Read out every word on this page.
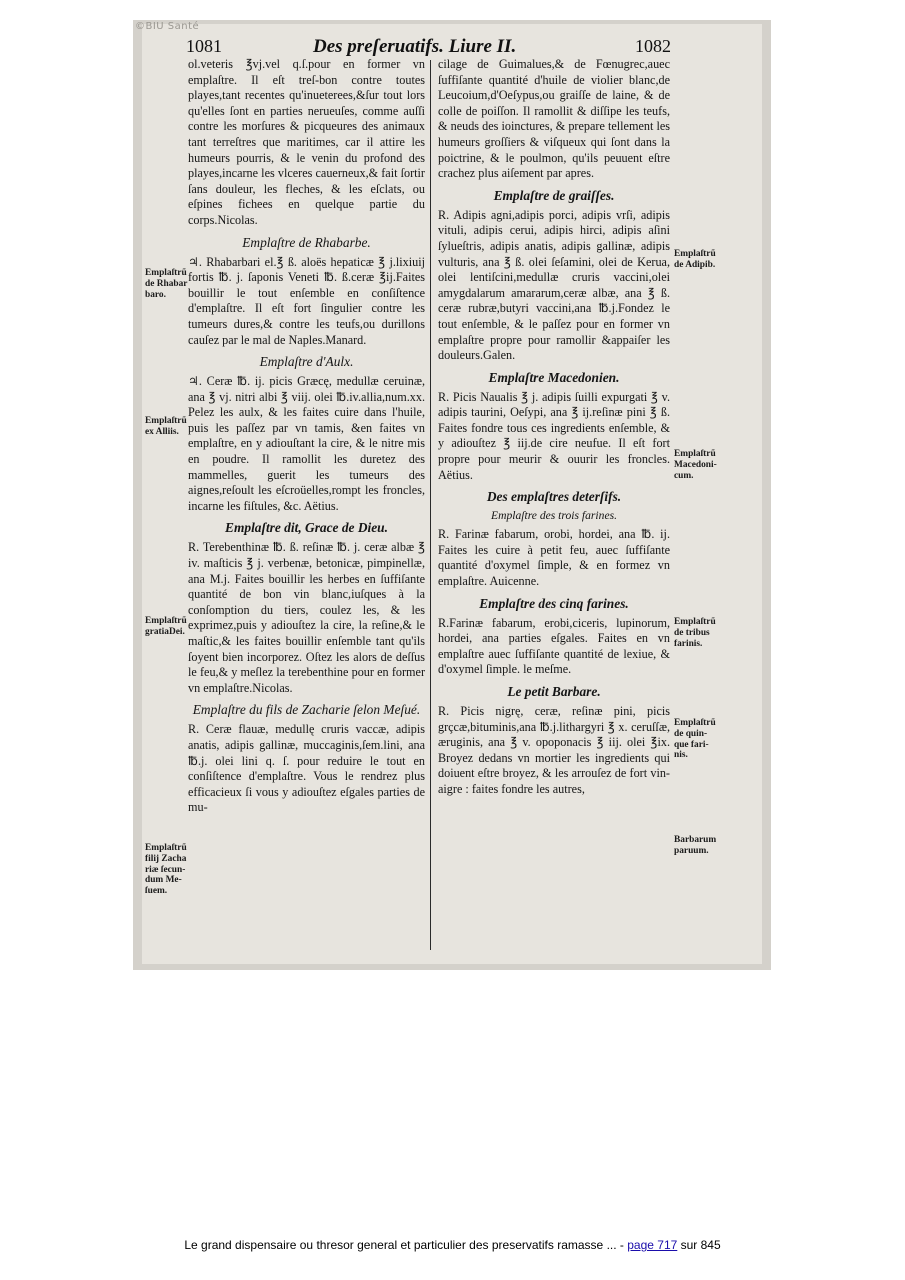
©BIU Santé
1081	Des preſeruatifs. Liure II.	1082

ol.veteris ℥vj.vel q.ſ.pour en former vn emplaſtre. Il eſt treſ-bon contre toutes playes,tant recentes qu'inueterees,&ſur tout lors qu'elles ſont en parties nerueuſes, comme auſſi contre les morſures & picqueures des animaux tant terreſtres que maritimes, car il attire les humeurs pourris, & le venin du profond des playes,incarne les vlceres cauerneux,& fait ſortir ſans douleur, les fleches, & les eſclats, ou eſpines fichees en quelque partie du corps.Nicolas.

Emplaſtre de Rhabarbe.

♃. Rhabarbari el.℥ ß. aloës hepaticæ ℥ j.lixiuij fortis ℔. j. ſaponis Veneti ℔. ß.ceræ ℥ij.Faites bouillir le tout enſemble en conſiſtence d'emplaſtre. Il eſt fort ſingulier contre les tumeurs dures,& contre les teufs,ou durillons cauſez par le mal de Naples.Manard.

Emplaſtre d'Aulx.

♃. Ceræ ℔. ij. picis Græcę, medullæ ceruinæ, ana ℥ vj. nitri albi ℥ viij. olei ℔.iv.allia,num.xx. Pelez les aulx, & les faites cuire dans l'huile, puis les paſſez par vn tamis, &en faites vn emplaſtre, en y adiouſtant la cire, & le nitre mis en poudre. Il ramollit les duretez des mammelles, guerit les tumeurs des aignes,reſoult les eſcroüelles,rompt les froncles, incarne les fiſtules, &c. Aëtius.

Emplaſtre dit, Grace de Dieu.

R. Terebenthinæ ℔. ß. reſinæ ℔. j. ceræ albæ ℥ iv. maſticis ℥ j. verbenæ, betonicæ, pimpinellæ, ana M.j. Faites bouillir les herbes en ſuffiſante quantité de bon vin blanc,iuſques à la conſomption du tiers, coulez les, & les exprimez,puis y adiouſtez la cire, la reſine,& le maſtic,& les faites bouillir enſemble tant qu'ils ſoyent bien incorporez. Oſtez les alors de deſſus le feu,& y meſlez la terebenthine pour en former vn emplaſtre.Nicolas.

Emplaſtre du fils de Zacharie ſelon Meſué.

R. Ceræ flauæ, medullę cruris vaccæ, adipis anatis, adipis gallinæ, muccaginis,ſem.lini, ana ℔.j. olei lini q. ſ. pour reduire le tout en conſiſtence d'emplaſtre. Vous le rendrez plus efficacieux ſi vous y adiouſtez eſgales parties de mu-

cilage de Guimalues,& de Fœnugrec,auec ſuffiſante quantité d'huile de violier blanc,de Leucoium,d'Oeſypus,ou graiſſe de laine, & de colle de poiſſon. Il ramollit & diſſipe les teufs, & neuds des ioinctures, & prepare tellement les humeurs groſſiers & viſqueux qui ſont dans la poictrine, & le poulmon, qu'ils peuuent eſtre crachez plus aiſement par apres.

Emplaſtre de graiſſes.

R. Adipis agni,adipis porci, adipis vrſi, adipis vituli, adipis cerui, adipis hirci, adipis aſini ſylueſtris, adipis anatis, adipis gallinæ, adipis vulturis, ana ℥ ß. olei ſeſamini, olei de Kerua, olei lentiſcini,medullæ cruris vaccini,olei amygdalarum amararum,ceræ albæ, ana ℥ ß. ceræ rubræ,butyri vaccini,ana ℔.j.Fondez le tout enſemble, & le paſſez pour en former vn emplaſtre propre pour ramollir &appaiſer les douleurs.Galen.

Emplaſtre Macedonien.

R. Picis Naualis ℥ j. adipis ſuilli expurgati ℥ v. adipis taurini, Oeſypi, ana ℥ ij.reſinæ pini ℥ ß. Faites fondre tous ces ingredients enſemble, & y adiouſtez ℥ iij.de cire neufue. Il eſt fort propre pour meurir & ouurir les froncles. Aëtius.

Des emplaſtres deterſifs.
Emplaſtre des trois farines.

R. Farinæ fabarum, orobi, hordei, ana ℔. ij. Faites les cuire à petit feu, auec ſuffiſante quantité d'oxymel ſimple, & en formez vn emplaſtre. Auicenne.

Emplaſtre des cinq farines.

R.Farinæ fabarum, erobi,ciceris, lupinorum, hordei, ana parties eſgales. Faites en vn emplaſtre auec ſuffiſante quantité de lexiue, & d'oxymel ſimple. le meſme.

Le petit Barbare.

R. Picis nigrę, ceræ, reſinæ pini, picis grçcæ,bituminis,ana ℔.j.lithargyri ℥ x. ceruſſæ, æruginis, ana ℥ v. opoponacis ℥ iij. olei ℥ix. Broyez dedans vn mortier les ingredients qui doiuent eſtre broyez, & les arrouſez de fort vin-aigre : faites fondre les autres,

Emplaſtrũ
de Rhabar
baro.
Emplaſtrũ
ex Alliis.
Emplaſtrũ
gratiaDei.
Emplaſtrũ
filij Zacha
riæ ſecun-
dum Me-
ſuem.
Emplaſtrũ
de Adipib.
Emplaſtrũ
Macedoni-
cum.
Emplaſtrũ
de tribus
farinis.
Emplaſtrũ
de quin-
que fari-
nis.
Barbarum
paruum.
Le grand dispensaire ou thresor general et particulier des preservatifs ramasse ... - page 717 sur 845
